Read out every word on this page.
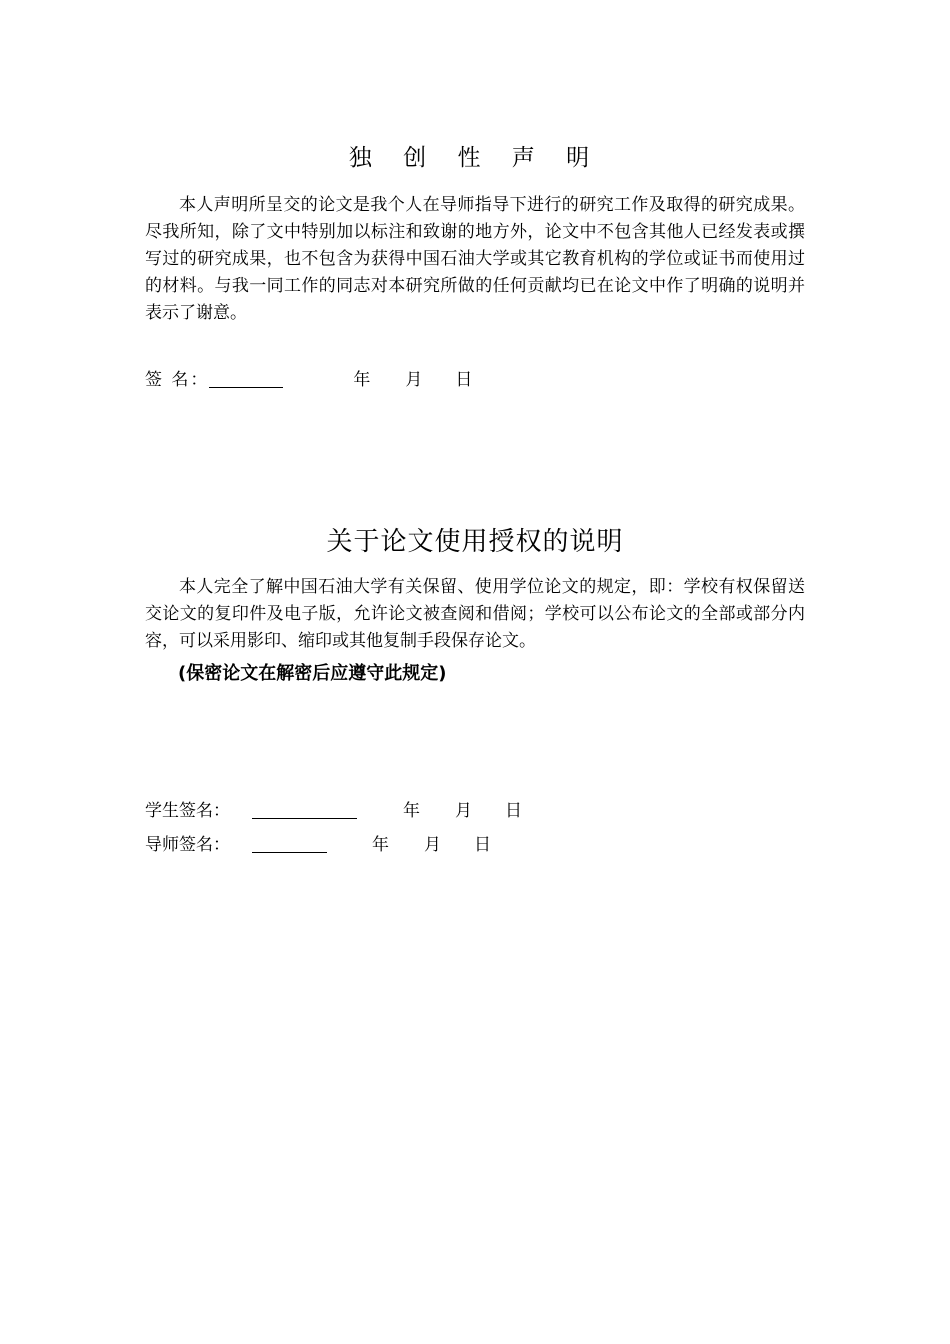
独 创 性 声 明

本人声明所呈交的论文是我个人在导师指导下进行的研究工作及取得的研究成果。尽我所知，除了文中特别加以标注和致谢的地方外，论文中不包含其他人已经发表或撰写过的研究成果，也不包含为获得中国石油大学或其它教育机构的学位或证书而使用过的材料。与我一同工作的同志对本研究所做的任何贡献均已在论文中作了明确的说明并表示了谢意。

签 名：	年 月 日
关于论文使用授权的说明

本人完全了解中国石油大学有关保留、使用学位论文的规定，即：学校有权保留送交论文的复印件及电子版，允许论文被查阅和借阅；学校可以公布论文的全部或部分内容，可以采用影印、缩印或其他复制手段保存论文。

(保密论文在解密后应遵守此规定)
学生签名：	年 月 日
导师签名：	年 月 日
